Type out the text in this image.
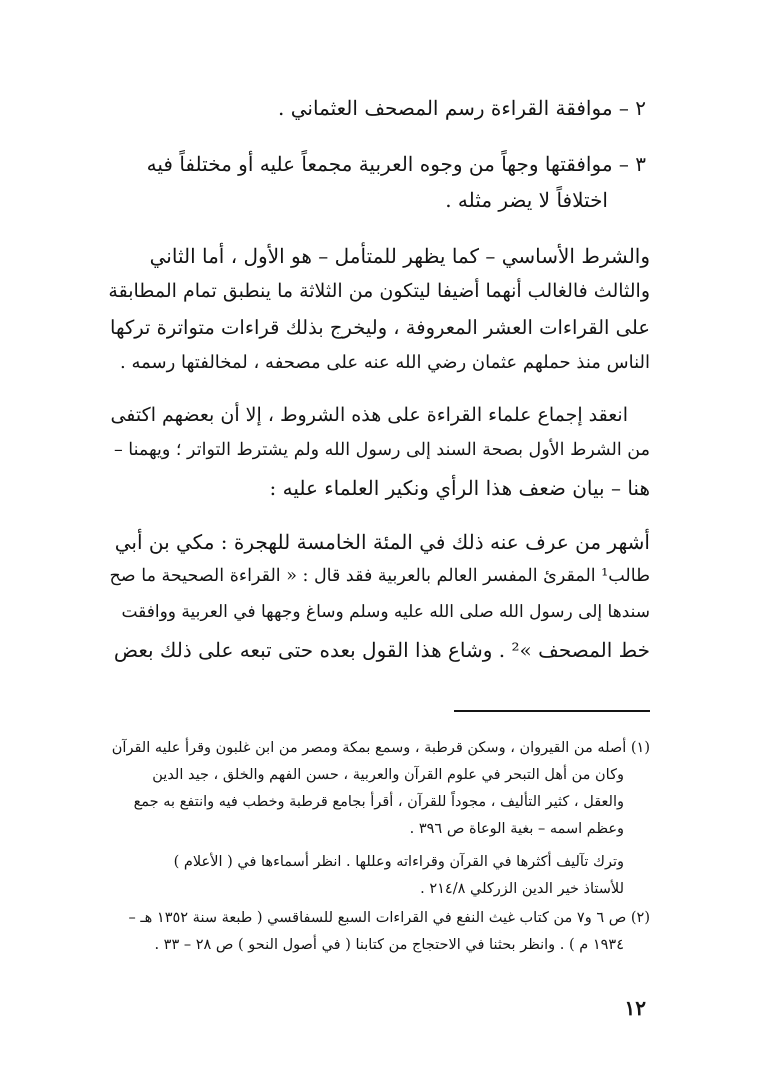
٢ – موافقة القراءة رسم المصحف العثماني .
٣ – موافقتها وجهاً من وجوه العربية مجمعاً عليه أو مختلفاً فيه
اختلافاً لا يضر مثله .
والشرط الأساسي – كما يظهر للمتأمل – هو الأول ، أما الثاني
والثالث فالغالب أنهما أضيفا ليتكون من الثلاثة ما ينطبق تمام المطابقة
على القراءات العشر المعروفة ، وليخرج بذلك قراءات متواترة تركها
الناس منذ حملهم عثمان رضي الله عنه على مصحفه ، لمخالفتها رسمه .
انعقد إجماع علماء القراءة على هذه الشروط ، إلا أن بعضهم اكتفى
من الشرط الأول بصحة السند إلى رسول الله ولم يشترط التواتر ؛ ويهمنا –
هنا – بيان ضعف هذا الرأي ونكير العلماء عليه :
أشهر من عرف عنه ذلك في المئة الخامسة للهجرة : مكي بن أبي
طالب¹ المقرئ المفسر العالم بالعربية فقد قال : « القراءة الصحيحة ما صح
سندها إلى رسول الله صلى الله عليه وسلم وساغ وجهها في العربية ووافقت
خط المصحف »² . وشاع هذا القول بعده حتى تبعه على ذلك بعض
(١) أصله من القيروان ، وسكن قرطبة ، وسمع بمكة ومصر من ابن غلبون وقرأ عليه القرآن
وكان من أهل التبحر في علوم القرآن والعربية ، حسن الفهم والخلق ، جيد الدين
والعقل ، كثير التأليف ، مجوداً للقرآن ، أقرأ بجامع قرطبة وخطب فيه وانتفع به جمع
وعظم اسمه – بغية الوعاة ص ٣٩٦ .
وترك تآليف أكثرها في القرآن وقراءاته وعللها . انظر أسماءها في ( الأعلام )
للأستاذ خير الدين الزركلي ٢١٤/٨ .
(٢) ص ٦ و٧ من كتاب غيث النفع في القراءات السبع للسفاقسي ( طبعة سنة ١٣٥٢ هـ –
١٩٣٤ م ) . وانظر بحثنا في الاحتجاج من كتابنا ( في أصول النحو ) ص ٢٨ – ٣٣ .
١٢
